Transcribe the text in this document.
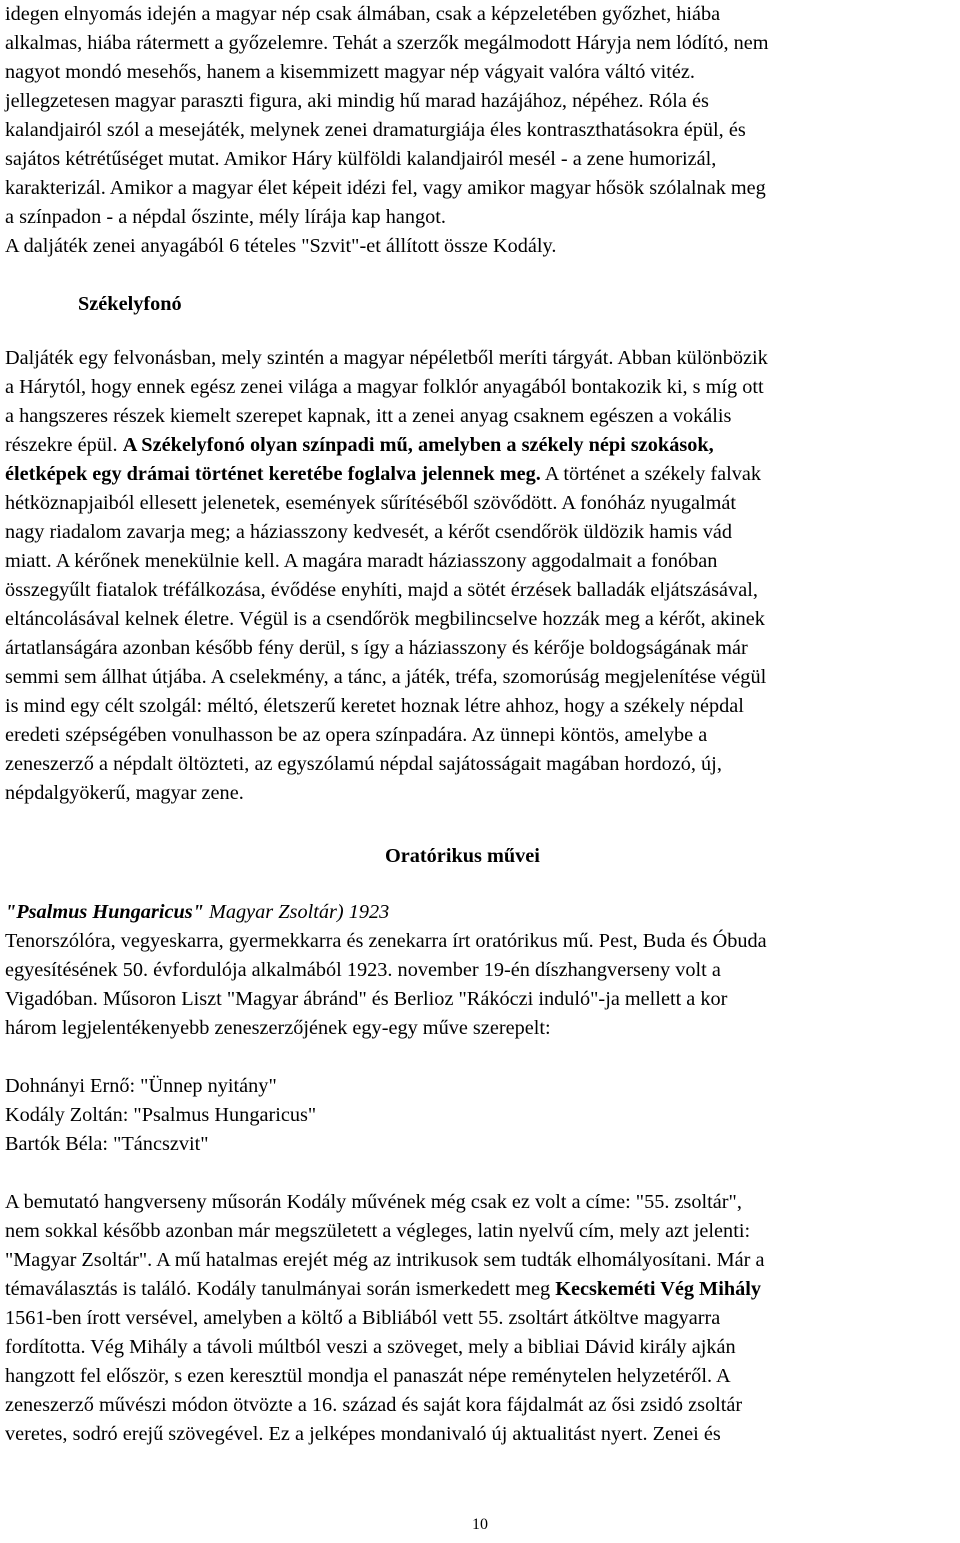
idegen elnyomás idején a magyar nép csak álmában, csak a képzeletében győzhet, hiába
alkalmas, hiába rátermett a győzelemre. Tehát a szerzők megálmodott Háryja nem lódító, nem
nagyot mondó mesehős, hanem a kisemmizett magyar nép vágyait valóra váltó vitéz.
jellegzetesen magyar paraszti figura, aki mindig hű marad hazájához, népéhez. Róla és
kalandjairól szól a mesejáték, melynek zenei dramaturgiája éles kontraszthatásokra épül, és
sajátos kétrétűséget mutat. Amikor Háry külföldi kalandjairól mesél - a zene humorizál,
karakterizál. Amikor a magyar élet képeit idézi fel, vagy amikor magyar hősök szólalnak meg
a színpadon - a népdal őszinte, mély lírája kap hangot.
A daljáték zenei anyagából 6 tételes "Szvit"-et állított össze Kodály.
Székelyfonó
Daljáték egy felvonásban, mely szintén a magyar népéletből meríti tárgyát. Abban különbözik
a Hárytól, hogy ennek egész zenei világa a magyar folklór anyagából bontakozik ki, s míg ott
a hangszeres részek kiemelt szerepet kapnak, itt a zenei anyag csaknem egészen a vokális
részekre épül. A Székelyfonó olyan színpadi mű, amelyben a székely népi szokások,
életképek egy drámai történet keretébe foglalva jelennek meg. A történet a székely falvak
hétköznapjaiból ellesett jelenetek, események sűrítéséből szövődött. A fonóház nyugalmát
nagy riadalom zavarja meg; a háziasszony kedvesét, a kérőt csendőrök üldözik hamis vád
miatt. A kérőnek menekülnie kell. A magára maradt háziasszony aggodalmait a fonóban
összegyűlt fiatalok tréfálkozása, évődése enyhíti, majd a sötét érzések balladák eljátszásával,
eltáncolásával kelnek életre. Végül is a csendőrök megbilincselve hozzák meg a kérőt, akinek
ártatlanságára azonban később fény derül, s így a háziasszony és kérője boldogságának már
semmi sem állhat útjába. A cselekmény, a tánc, a játék, tréfa, szomorúság megjelenítése végül
is mind egy célt szolgál: méltó, életszerű keretet hoznak létre ahhoz, hogy a székely népdal
eredeti szépségében vonulhasson be az opera színpadára. Az ünnepi köntös, amelybe a
zeneszerző a népdalt öltözteti, az egyszólamú népdal sajátosságait magában hordozó, új,
népdalgyökerű, magyar zene.
Oratórikus művei
"Psalmus Hungaricus" Magyar Zsoltár) 1923
Tenorszólóra, vegyeskarra, gyermekkarra és zenekarra írt oratórikus mű. Pest, Buda és Óbuda
egyesítésének 50. évfordulója alkalmából 1923. november 19-én díszhangverseny volt a
Vigadóban. Műsoron Liszt "Magyar ábránd" és Berlioz "Rákóczi induló"-ja mellett a kor
három legjelentékenyebb zeneszerzőjének egy-egy műve szerepelt:
Dohnányi Ernő: "Ünnep nyitány"
Kodály Zoltán: "Psalmus Hungaricus"
Bartók Béla: "Táncszvit"
A bemutató hangverseny műsorán Kodály művének még csak ez volt a címe: "55. zsoltár",
nem sokkal később azonban már megszületett a végleges, latin nyelvű cím, mely azt jelenti:
"Magyar Zsoltár". A mű hatalmas erejét még az intrikusok sem tudták elhomályosítani. Már a
témaválasztás is találó. Kodály tanulmányai során ismerkedett meg Kecskeméti Vég Mihály
1561-ben írott versével, amelyben a költő a Bibliából vett 55. zsoltárt átköltve magyarra
fordította. Vég Mihály a távoli múltból veszi a szöveget, mely a bibliai Dávid király ajkán
hangzott fel először, s ezen keresztül mondja el panaszát népe reménytelen helyzetéről. A
zeneszerző művészi módon ötvözte a 16. század és saját kora fájdalmát az ősi zsidó zsoltár
veretes, sodró erejű szövegével. Ez a jelképes mondanivaló új aktualitást nyert. Zenei és
10
